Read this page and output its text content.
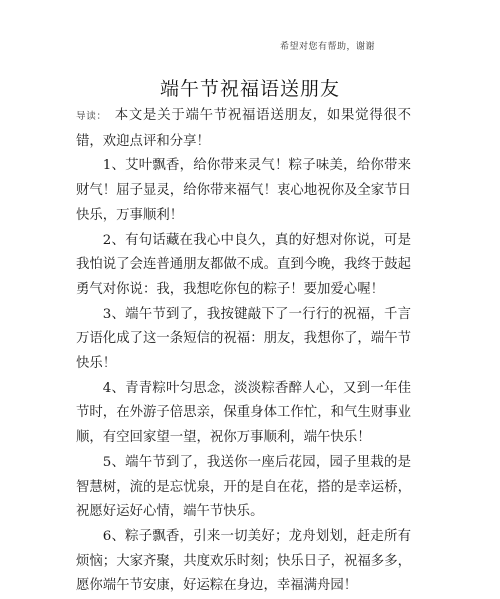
希望对您有帮助，谢谢
端午节祝福语送朋友

导读： 本文是关于端午节祝福语送朋友，如果觉得很不错，欢迎点评和分享！

1、艾叶飘香，给你带来灵气！粽子味美，给你带来财气！屈子显灵，给你带来福气！衷心地祝你及全家节日快乐，万事顺利！

2、有句话藏在我心中良久，真的好想对你说，可是我怕说了会连普通朋友都做不成。直到今晚，我终于鼓起勇气对你说：我，我想吃你包的粽子！要加爱心喔！

3、端午节到了，我按键敲下了一行行的祝福，千言万语化成了这一条短信的祝福：朋友，我想你了，端午节快乐！

4、青青粽叶匀思念，淡淡粽香醉人心，又到一年佳节时，在外游子倍思亲，保重身体工作忙，和气生财事业顺，有空回家望一望，祝你万事顺利，端午快乐！

5、端午节到了，我送你一座后花园，园子里栽的是智慧树，流的是忘忧泉，开的是自在花，搭的是幸运桥，祝愿好运好心情，端午节快乐。

6、粽子飘香，引来一切美好；龙舟划划，赶走所有烦恼；大家齐聚，共度欢乐时刻；快乐日子，祝福多多，愿你端午节安康，好运粽在身边，幸福满舟园！
